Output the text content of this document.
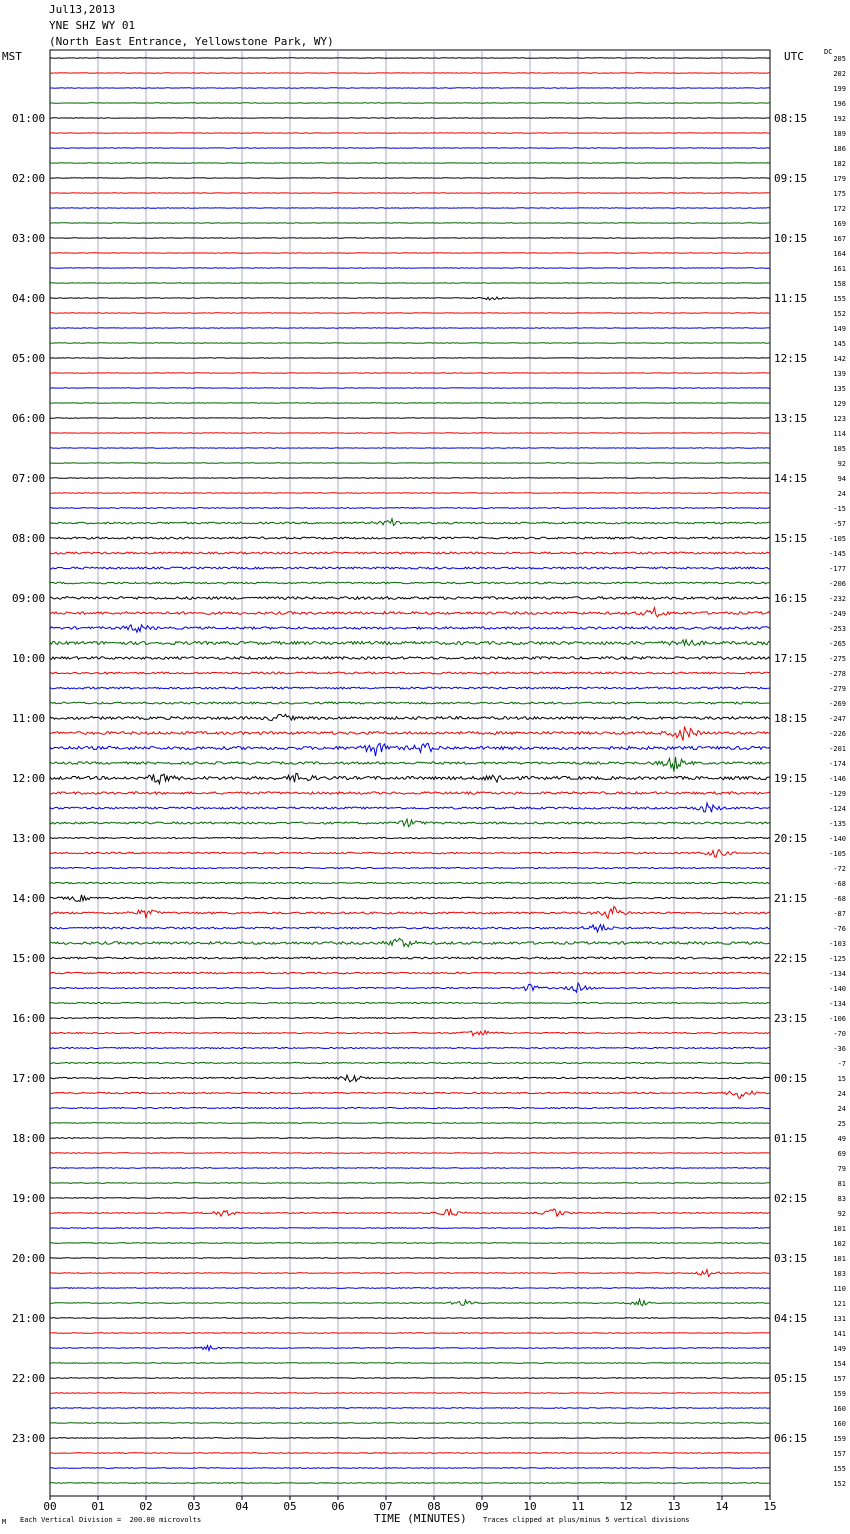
01:00
02:00
03:00
04:00
05:00
06:00
07:00
08:00
09:00
10:00
11:00
12:00
13:00
14:00
15:00
16:00
17:00
18:00
19:00
20:00
21:00
22:00
23:00
08:15
09:15
10:15
11:15
12:15
13:15
14:15
15:15
16:15
17:15
18:15
19:15
20:15
21:15
22:15
23:15
00:15
01:15
02:15
03:15
04:15
05:15
06:15
205
202
199
196
192
189
186
182
179
175
172
169
167
164
161
158
155
152
149
145
142
139
135
129
123
114
105
92
94
24
-15
-57
-105
-145
-177
-206
-232
-249
-253
-265
-275
-278
-279
-269
-247
-226
-201
-174
-146
-129
-124
-135
-140
-105
-72
-68
-68
-87
-76
-103
-125
-134
-140
-134
-106
-70
-36
-7
15
24
24
25
49
69
79
81
83
92
101
102
101
103
110
121
131
141
149
154
157
159
160
160
159
157
155
152
00	01	02	03	04	05	06	07	08	09	10	11	12	13	14	15
Jul13,2013
YNE SHZ WY 01
(North East Entrance, Yellowstone Park, WY)
MST	UTC	DC
M Each Vertical Division =  200.00 microvolts	TIME (MINUTES) Traces clipped at plus/minus 5 vertical divisions
